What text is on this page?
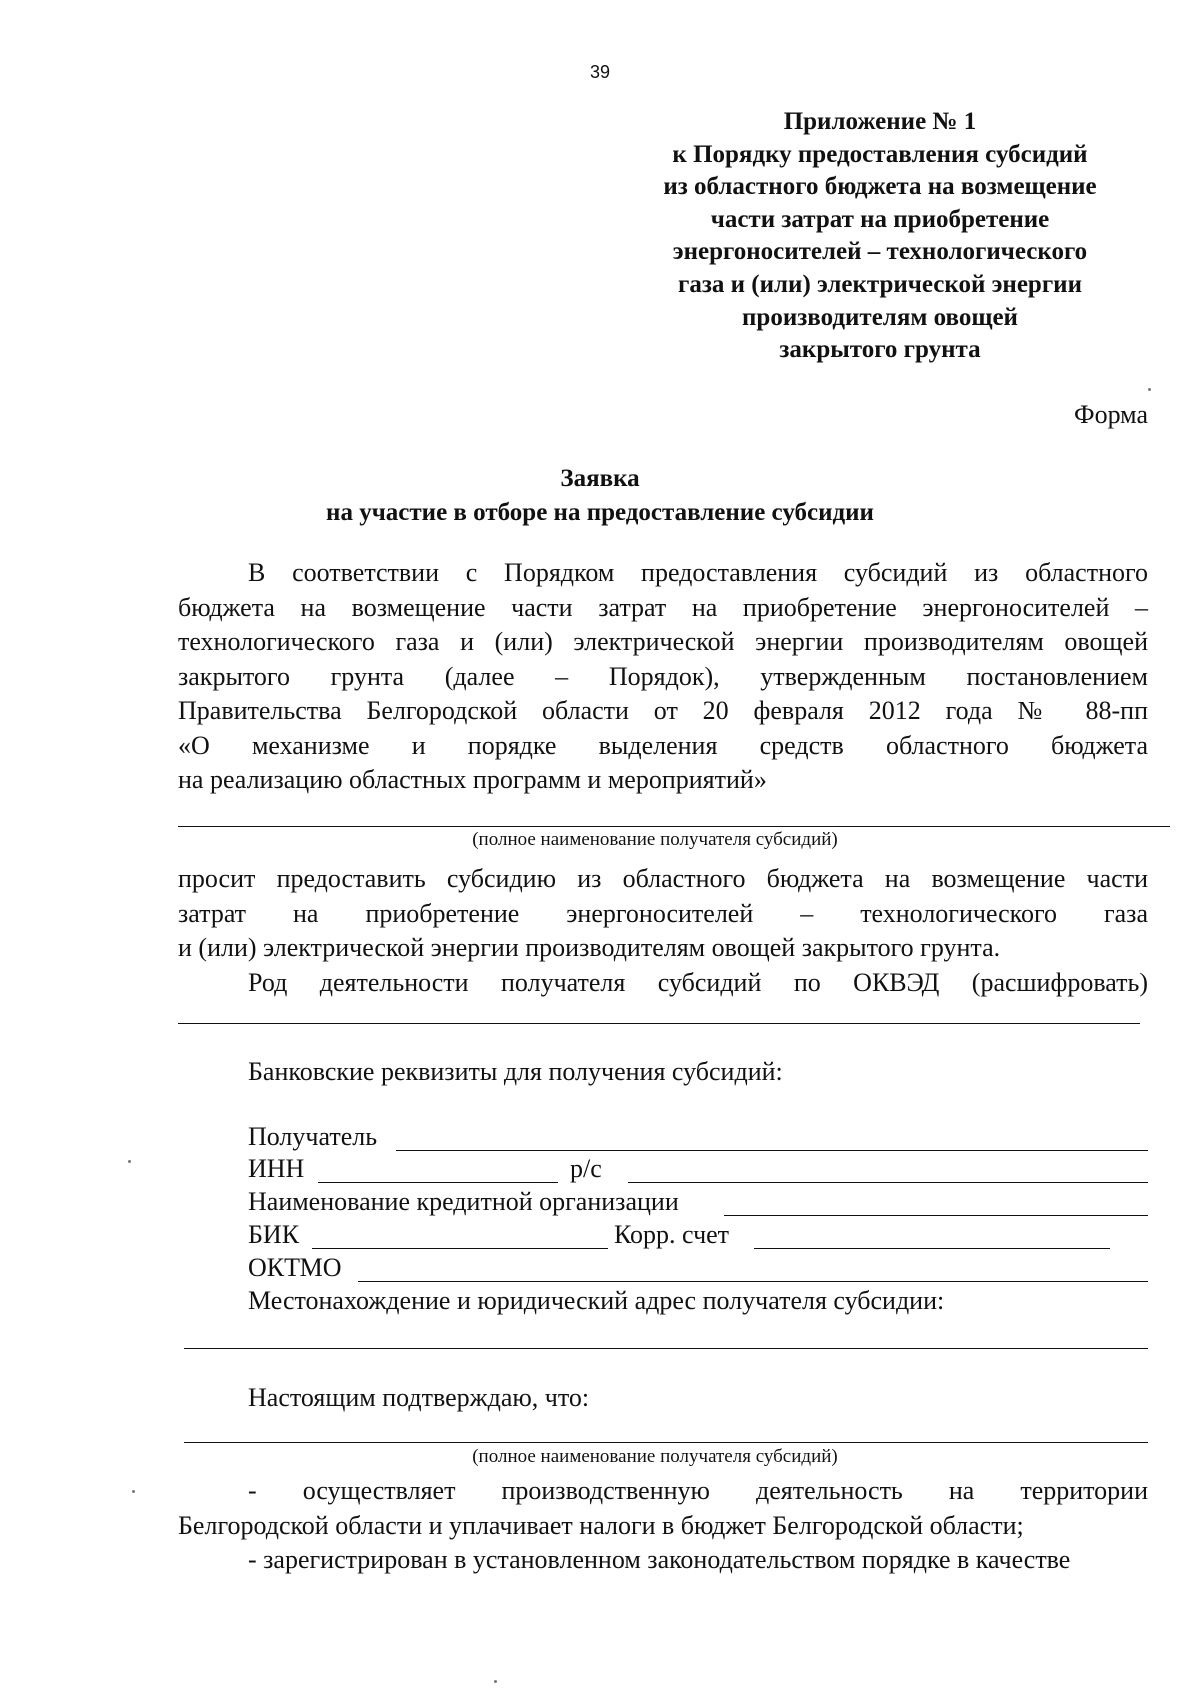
39
Приложение № 1
к Порядку предоставления субсидий
из областного бюджета на возмещение
части затрат на приобретение
энергоносителей – технологического
газа и (или) электрической энергии
производителям овощей
закрытого грунта
Форма
Заявка
на участие в отборе на предоставление субсидии
В соответствии с Порядком предоставления субсидий из областного
бюджета на возмещение части затрат на приобретение энергоносителей –
технологического газа и (или) электрической энергии производителям овощей
закрытого грунта (далее – Порядок), утвержденным постановлением
Правительства Белгородской области от 20 февраля 2012 года № 88-пп
«О механизме и порядке выделения средств областного бюджета
на реализацию областных программ и мероприятий»
(полное наименование получателя субсидий)
просит предоставить субсидию из областного бюджета на возмещение части
затрат на приобретение энергоносителей – технологического газа
и (или) электрической энергии производителям овощей закрытого грунта.
Род деятельности получателя субсидий по ОКВЭД (расшифровать)
Банковские реквизиты для получения субсидий:
Получатель
ИНН	р/с
Наименование кредитной организации
БИК	Корр. счет
ОКТМО
Местонахождение и юридический адрес получателя субсидии:
Настоящим подтверждаю, что:
(полное наименование получателя субсидий)
- осуществляет производственную деятельность на территории
Белгородской области и уплачивает налоги в бюджет Белгородской области;
- зарегистрирован в установленном законодательством порядке в качестве
